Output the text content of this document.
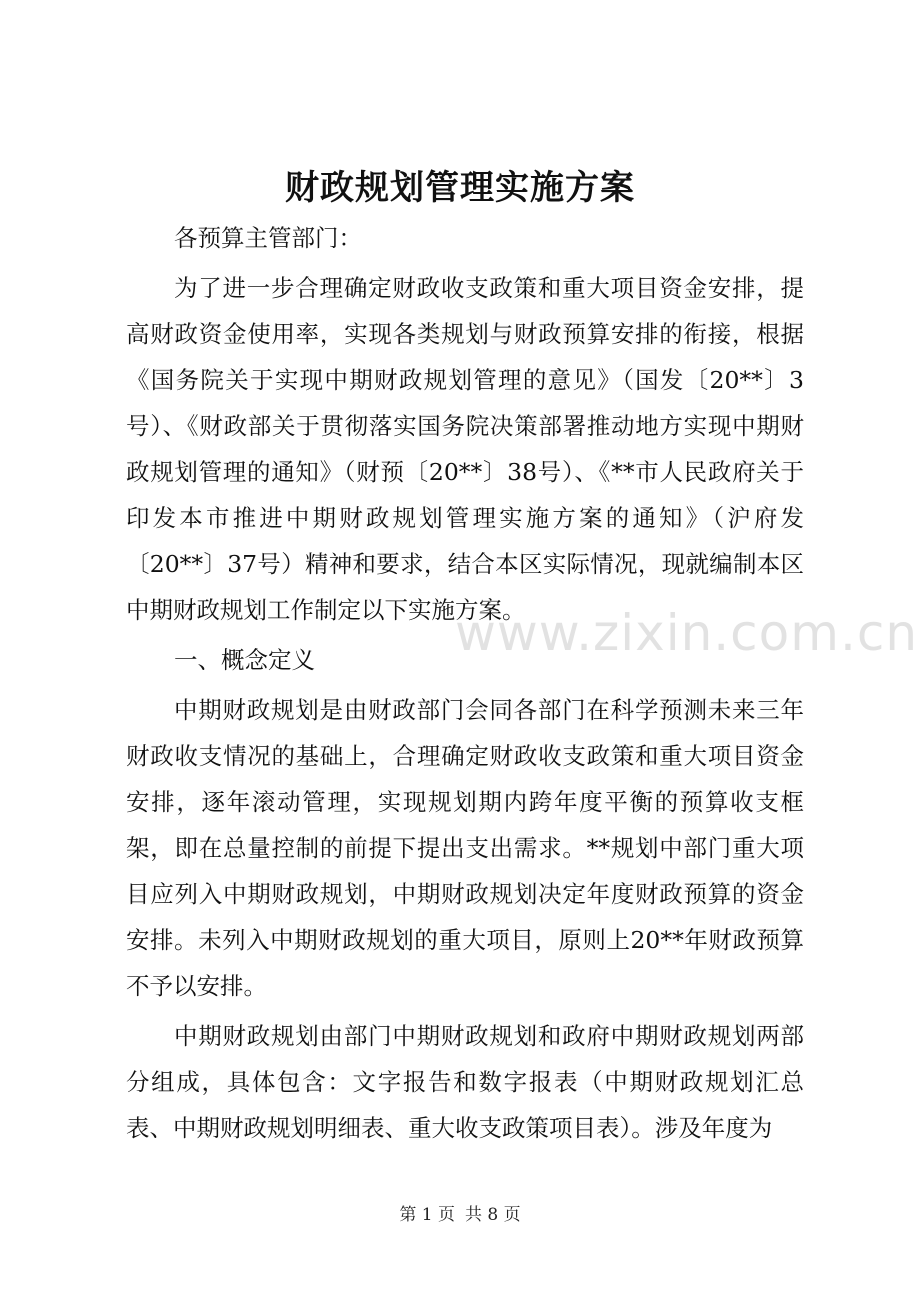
财政规划管理实施方案

各预算主管部门：

为了进一步合理确定财政收支政策和重大项目资金安排，提高财政资金使用率，实现各类规划与财政预算安排的衔接，根据《国务院关于实现中期财政规划管理的意见》（国发〔20**〕3号）、《财政部关于贯彻落实国务院决策部署推动地方实现中期财政规划管理的通知》（财预〔20**〕38号）、《**市人民政府关于印发本市推进中期财政规划管理实施方案的通知》（沪府发〔20**〕37号）精神和要求，结合本区实际情况，现就编制本区中期财政规划工作制定以下实施方案。

一、概念定义

中期财政规划是由财政部门会同各部门在科学预测未来三年财政收支情况的基础上，合理确定财政收支政策和重大项目资金安排，逐年滚动管理，实现规划期内跨年度平衡的预算收支框架，即在总量控制的前提下提出支出需求。**规划中部门重大项目应列入中期财政规划，中期财政规划决定年度财政预算的资金安排。未列入中期财政规划的重大项目，原则上20**年财政预算不予以安排。

中期财政规划由部门中期财政规划和政府中期财政规划两部分组成，具体包含：文字报告和数字报表（中期财政规划汇总表、中期财政规划明细表、重大收支政策项目表）。涉及年度为

www.zixin.com.cn
第 1 页 共 8 页
